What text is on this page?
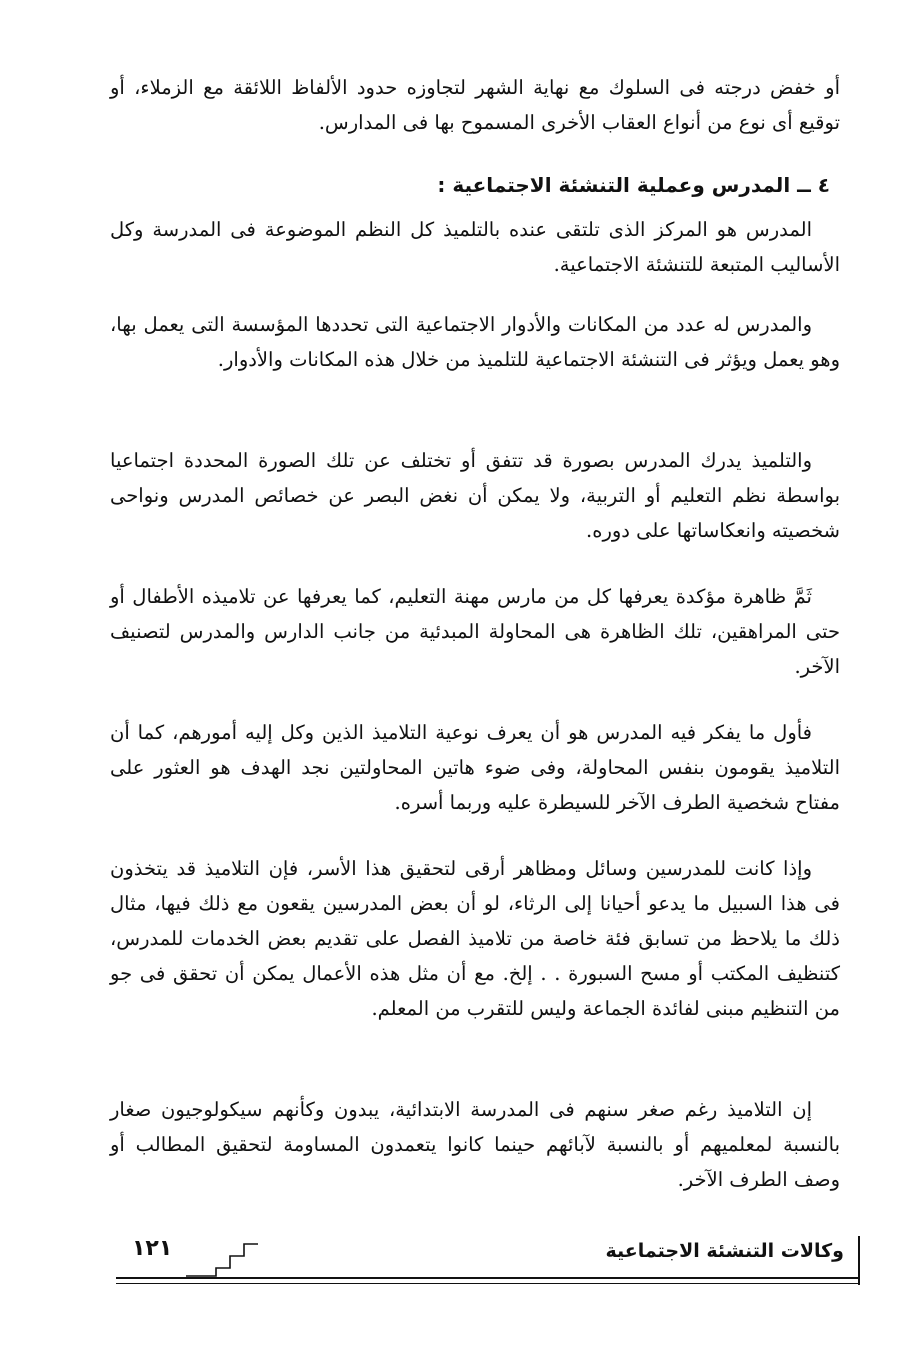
أو خفض درجته فى السلوك مع نهاية الشهر لتجاوزه حدود الألفاظ اللائقة مع الزملاء، أو توقيع أى نوع من أنواع العقاب الأخرى المسموح بها فى المدارس.
٤ ــ المدرس وعملية التنشئة الاجتماعية :
المدرس هو المركز الذى تلتقى عنده بالتلميذ كل النظم الموضوعة فى المدرسة وكل الأساليب المتبعة للتنشئة الاجتماعية.
والمدرس له عدد من المكانات والأدوار الاجتماعية التى تحددها المؤسسة التى يعمل بها، وهو يعمل ويؤثر فى التنشئة الاجتماعية للتلميذ من خلال هذه المكانات والأدوار.
والتلميذ يدرك المدرس بصورة قد تتفق أو تختلف عن تلك الصورة المحددة اجتماعيا بواسطة نظم التعليم أو التربية، ولا يمكن أن نغض البصر عن خصائص المدرس ونواحى شخصيته وانعكاساتها على دوره.
ثَمَّ ظاهرة مؤكدة يعرفها كل من مارس مهنة التعليم، كما يعرفها عن تلاميذه الأطفال أو حتى المراهقين، تلك الظاهرة هى المحاولة المبدئية من جانب الدارس والمدرس لتصنيف الآخر.
فأول ما يفكر فيه المدرس هو أن يعرف نوعية التلاميذ الذين وكل إليه أمورهم، كما أن التلاميذ يقومون بنفس المحاولة، وفى ضوء هاتين المحاولتين نجد الهدف هو العثور على مفتاح شخصية الطرف الآخر للسيطرة عليه وربما أسره.
وإذا كانت للمدرسين وسائل ومظاهر أرقى لتحقيق هذا الأسر، فإن التلاميذ قد يتخذون فى هذا السبيل ما يدعو أحيانا إلى الرثاء، لو أن بعض المدرسين يقعون مع ذلك فيها، مثال ذلك ما يلاحظ من تسابق فئة خاصة من تلاميذ الفصل على تقديم بعض الخدمات للمدرس، كتنظيف المكتب أو مسح السبورة . . إلخ. مع أن مثل هذه الأعمال يمكن أن تحقق فى جو من التنظيم مبنى لفائدة الجماعة وليس للتقرب من المعلم.
إن التلاميذ رغم صغر سنهم فى المدرسة الابتدائية، يبدون وكأنهم سيكولوجيون صغار بالنسبة لمعلميهم أو بالنسبة لآبائهم حينما كانوا يتعمدون المساومة لتحقيق المطالب أو وصف الطرف الآخر.
وكالات التنشئة الاجتماعية
١٢١
